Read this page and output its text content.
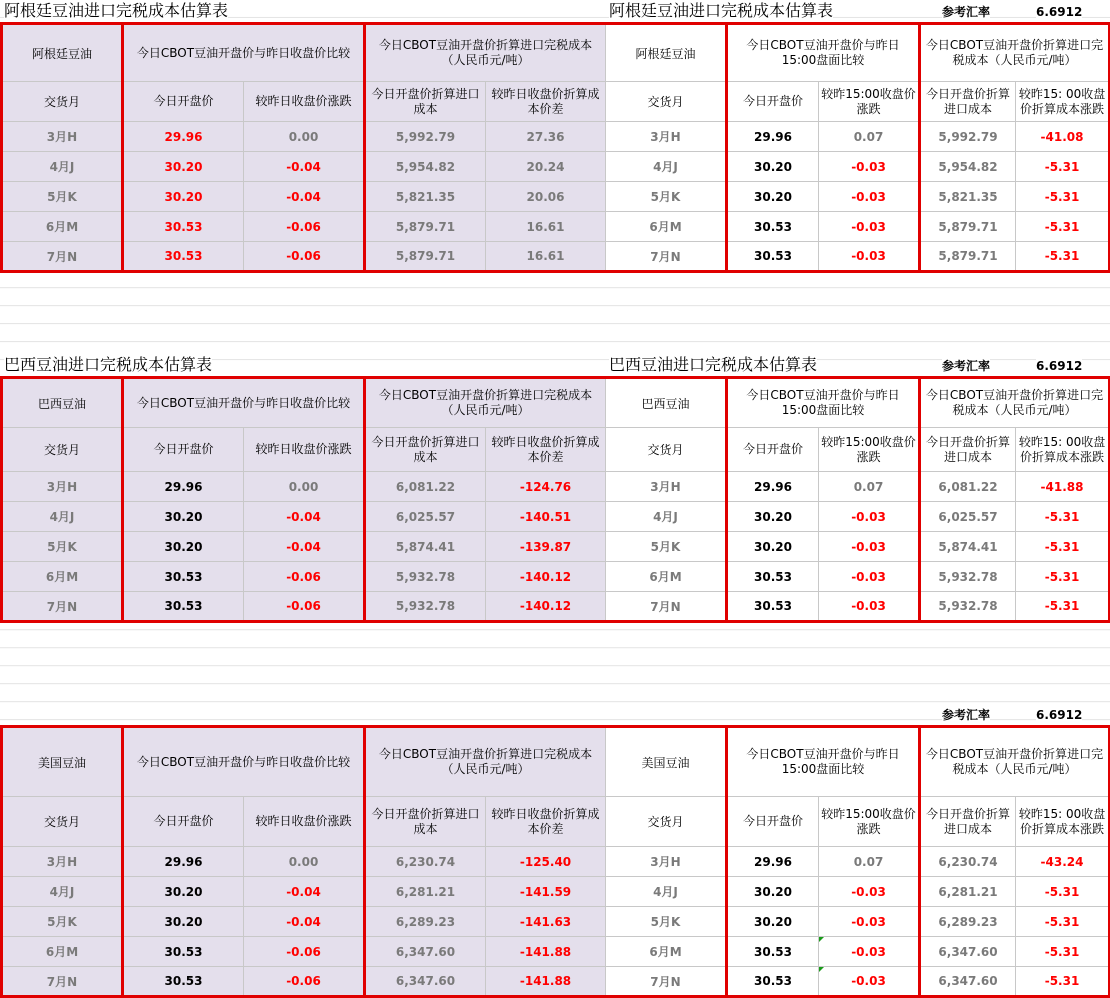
阿根廷豆油进口完税成本估算表	阿根廷豆油进口完税成本估算表	参考汇率	6.6912
阿根廷豆油	今日CBOT豆油开盘价与昨日收盘价比较		今日CBOT豆油开盘价折算进口完税成本（人民币元/吨）	
交货月	今日开盘价	较昨日收盘价涨跌	今日开盘价折算进口成本	较昨日收盘价折算成本价差
3月H	29.96	0.00	5,992.79	27.36
4月J	30.20	-0.04	5,954.82	20.24
5月K	30.20	-0.04	5,821.35	20.06
6月M	30.53	-0.06	5,879.71	16.61
7月N	30.53	-0.06	5,879.71	16.61
阿根廷豆油	今日CBOT豆油开盘价与昨日15:00盘面比较		今日CBOT豆油开盘价折算进口完税成本（人民币元/吨）	
交货月	今日开盘价	较昨15:00收盘价涨跌	今日开盘价折算进口成本	较昨15: 00收盘价折算成本涨跌
3月H	29.96	0.07	5,992.79	-41.08
4月J	30.20	-0.03	5,954.82	-5.31
5月K	30.20	-0.03	5,821.35	-5.31
6月M	30.53	-0.03	5,879.71	-5.31
7月N	30.53	-0.03	5,879.71	-5.31
巴西豆油进口完税成本估算表	巴西豆油进口完税成本估算表	参考汇率	6.6912
巴西豆油	今日CBOT豆油开盘价与昨日收盘价比较		今日CBOT豆油开盘价折算进口完税成本（人民币元/吨）	
交货月	今日开盘价	较昨日收盘价涨跌	今日开盘价折算进口成本	较昨日收盘价折算成本价差
3月H	29.96	0.00	6,081.22	-124.76
4月J	30.20	-0.04	6,025.57	-140.51
5月K	30.20	-0.04	5,874.41	-139.87
6月M	30.53	-0.06	5,932.78	-140.12
7月N	30.53	-0.06	5,932.78	-140.12
巴西豆油	今日CBOT豆油开盘价与昨日15:00盘面比较		今日CBOT豆油开盘价折算进口完税成本（人民币元/吨）	
交货月	今日开盘价	较昨15:00收盘价涨跌	今日开盘价折算进口成本	较昨15: 00收盘价折算成本涨跌
3月H	29.96	0.07	6,081.22	-41.88
4月J	30.20	-0.03	6,025.57	-5.31
5月K	30.20	-0.03	5,874.41	-5.31
6月M	30.53	-0.03	5,932.78	-5.31
7月N	30.53	-0.03	5,932.78	-5.31
参考汇率	6.6912
美国豆油	今日CBOT豆油开盘价与昨日收盘价比较		今日CBOT豆油开盘价折算进口完税成本（人民币元/吨）	
交货月	今日开盘价	较昨日收盘价涨跌	今日开盘价折算进口成本	较昨日收盘价折算成本价差
3月H	29.96	0.00	6,230.74	-125.40
4月J	30.20	-0.04	6,281.21	-141.59
5月K	30.20	-0.04	6,289.23	-141.63
6月M	30.53	-0.06	6,347.60	-141.88
7月N	30.53	-0.06	6,347.60	-141.88
美国豆油	今日CBOT豆油开盘价与昨日15:00盘面比较		今日CBOT豆油开盘价折算进口完税成本（人民币元/吨）	
交货月	今日开盘价	较昨15:00收盘价涨跌	今日开盘价折算进口成本	较昨15: 00收盘价折算成本涨跌
3月H	29.96	0.07	6,230.74	-43.24
4月J	30.20	-0.03	6,281.21	-5.31
5月K	30.20	-0.03	6,289.23	-5.31
6月M	30.53	-0.03	6,347.60	-5.31
7月N	30.53	-0.03	6,347.60	-5.31
